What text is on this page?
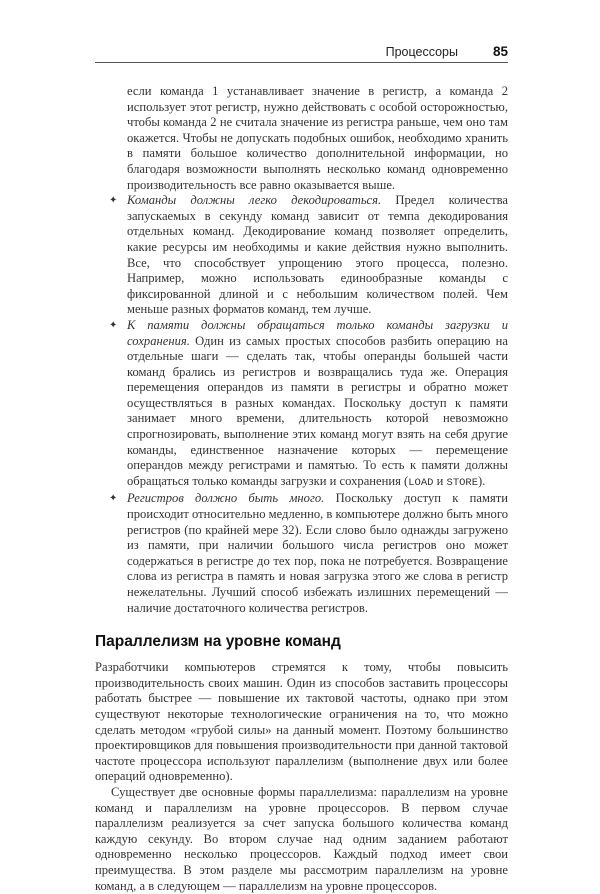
Процессоры	85

если команда 1 устанавливает значение в регистр, а команда 2 использует этот регистр, нужно действовать с особой осторожностью, чтобы команда 2 не считала значение из регистра раньше, чем оно там окажется. Чтобы не допускать подобных ошибок, необходимо хранить в памяти большое количество дополнительной информации, но благодаря возможности выполнять несколько команд одновременно производительность все равно оказывается выше.

✦ Команды должны легко декодироваться. Предел количества запускаемых в секунду команд зависит от темпа декодирования отдельных команд. Декодирование команд позволяет определить, какие ресурсы им необходимы и какие действия нужно выполнить. Все, что способствует упрощению этого процесса, полезно. Например, можно использовать единообразные команды с фиксированной длиной и с небольшим количеством полей. Чем меньше разных форматов команд, тем лучше.

✦ К памяти должны обращаться только команды загрузки и сохранения. Один из самых простых способов разбить операцию на отдельные шаги — сделать так, чтобы операнды большей части команд брались из регистров и возвращались туда же. Операция перемещения операндов из памяти в регистры и обратно может осуществляться в разных командах. Поскольку доступ к памяти занимает много времени, длительность которой невозможно спрогнозировать, выполнение этих команд могут взять на себя другие команды, единственное назначение которых — перемещение операндов между регистрами и памятью. То есть к памяти должны обращаться только команды загрузки и сохранения (LOAD и STORE).

✦ Регистров должно быть много. Поскольку доступ к памяти происходит относительно медленно, в компьютере должно быть много регистров (по крайней мере 32). Если слово было однажды загружено из памяти, при наличии большого числа регистров оно может содержаться в регистре до тех пор, пока не потребуется. Возвращение слова из регистра в память и новая загрузка этого же слова в регистр нежелательны. Лучший способ избежать излишних перемещений — наличие достаточного количества регистров.

Параллелизм на уровне команд

Разработчики компьютеров стремятся к тому, чтобы повысить производительность своих машин. Один из способов заставить процессоры работать быстрее — повышение их тактовой частоты, однако при этом существуют некоторые технологические ограничения на то, что можно сделать методом «грубой силы» на данный момент. Поэтому большинство проектировщиков для повышения производительности при данной тактовой частоте процессора используют параллелизм (выполнение двух или более операций одновременно).

Существует две основные формы параллелизма: параллелизм на уровне команд и параллелизм на уровне процессоров. В первом случае параллелизм реализуется за счет запуска большого количества команд каждую секунду. Во втором случае над одним заданием работают одновременно несколько процессоров. Каждый подход имеет свои преимущества. В этом разделе мы рассмотрим параллелизм на уровне команд, а в следующем — параллелизм на уровне процессоров.
